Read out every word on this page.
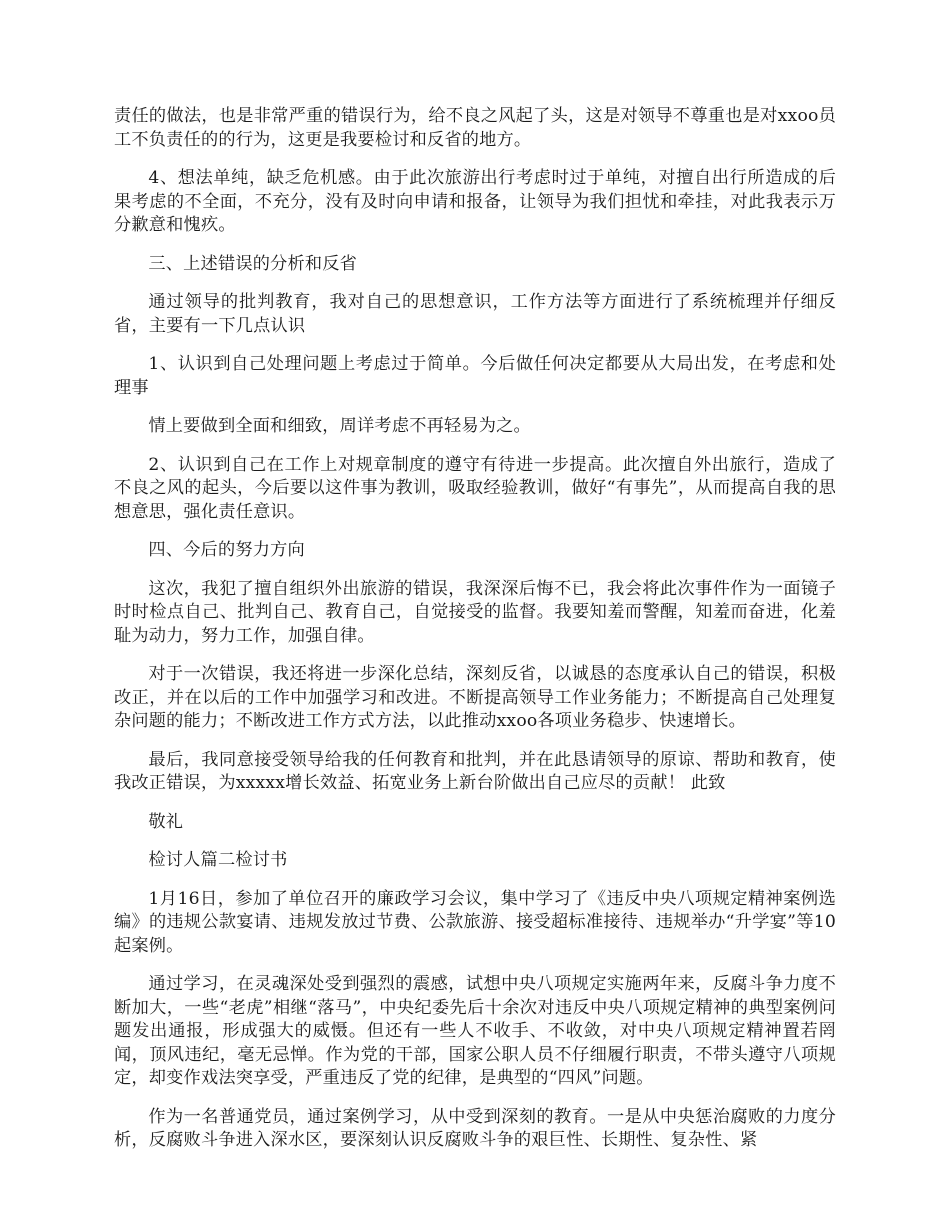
责任的做法，也是非常严重的错误行为，给不良之风起了头，这是对领导不尊重也是对xxoo员工不负责任的的行为，这更是我要检讨和反省的地方。

4、想法单纯，缺乏危机感。由于此次旅游出行考虑时过于单纯，对擅自出行所造成的后果考虑的不全面，不充分，没有及时向申请和报备，让领导为我们担忧和牵挂，对此我表示万分歉意和愧疚。

三、上述错误的分析和反省

通过领导的批判教育，我对自己的思想意识，工作方法等方面进行了系统梳理并仔细反省，主要有一下几点认识

1、认识到自己处理问题上考虑过于简单。今后做任何决定都要从大局出发，在考虑和处理事

情上要做到全面和细致，周详考虑不再轻易为之。

2、认识到自己在工作上对规章制度的遵守有待进一步提高。此次擅自外出旅行，造成了不良之风的起头，今后要以这件事为教训，吸取经验教训，做好“有事先”，从而提高自我的思想意思，强化责任意识。

四、今后的努力方向

这次，我犯了擅自组织外出旅游的错误，我深深后悔不已，我会将此次事件作为一面镜子时时检点自己、批判自己、教育自己，自觉接受的监督。我要知羞而警醒，知羞而奋进，化羞耻为动力，努力工作，加强自律。

对于一次错误，我还将进一步深化总结，深刻反省，以诚恳的态度承认自己的错误，积极改正，并在以后的工作中加强学习和改进。不断提高领导工作业务能力；不断提高自己处理复杂问题的能力；不断改进工作方式方法，以此推动xxoo各项业务稳步、快速增长。

最后，我同意接受领导给我的任何教育和批判，并在此恳请领导的原谅、帮助和教育，使我改正错误，为xxxxx增长效益、拓宽业务上新台阶做出自己应尽的贡献！ 此致

敬礼

检讨人篇二检讨书

1月16日，参加了单位召开的廉政学习会议，集中学习了《违反中央八项规定精神案例选编》的违规公款宴请、违规发放过节费、公款旅游、接受超标准接待、违规举办“升学宴”等10起案例。

通过学习，在灵魂深处受到强烈的震感，试想中央八项规定实施两年来，反腐斗争力度不断加大，一些“老虎”相继“落马”，中央纪委先后十余次对违反中央八项规定精神的典型案例问题发出通报，形成强大的威慑。但还有一些人不收手、不收敛，对中央八项规定精神置若罔闻，顶风违纪，毫无忌惮。作为党的干部，国家公职人员不仔细履行职责，不带头遵守八项规定，却变作戏法突享受，严重违反了党的纪律，是典型的“四风”问题。

作为一名普通党员，通过案例学习，从中受到深刻的教育。一是从中央惩治腐败的力度分析，反腐败斗争进入深水区，要深刻认识反腐败斗争的艰巨性、长期性、复杂性、紧
